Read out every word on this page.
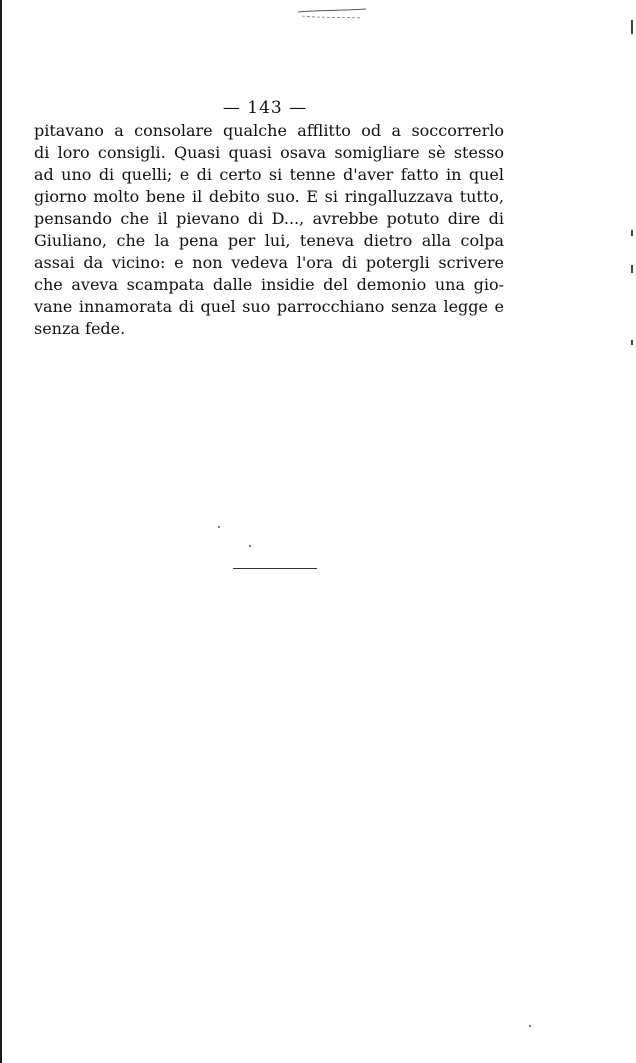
— 143 —

pitavano a consolare qualche afflitto od a soccorrerlo
di loro consigli. Quasi quasi osava somigliare sè stesso
ad uno di quelli; e di certo si tenne d'aver fatto in quel
giorno molto bene il debito suo. E si ringalluzzava tutto,
pensando che il pievano di D..., avrebbe potuto dire di
Giuliano, che la pena per lui, teneva dietro alla colpa
assai da vicino: e non vedeva l'ora di potergli scrivere
che aveva scampata dalle insidie del demonio una gio-
vane innamorata di quel suo parrocchiano senza legge e
senza fede.
